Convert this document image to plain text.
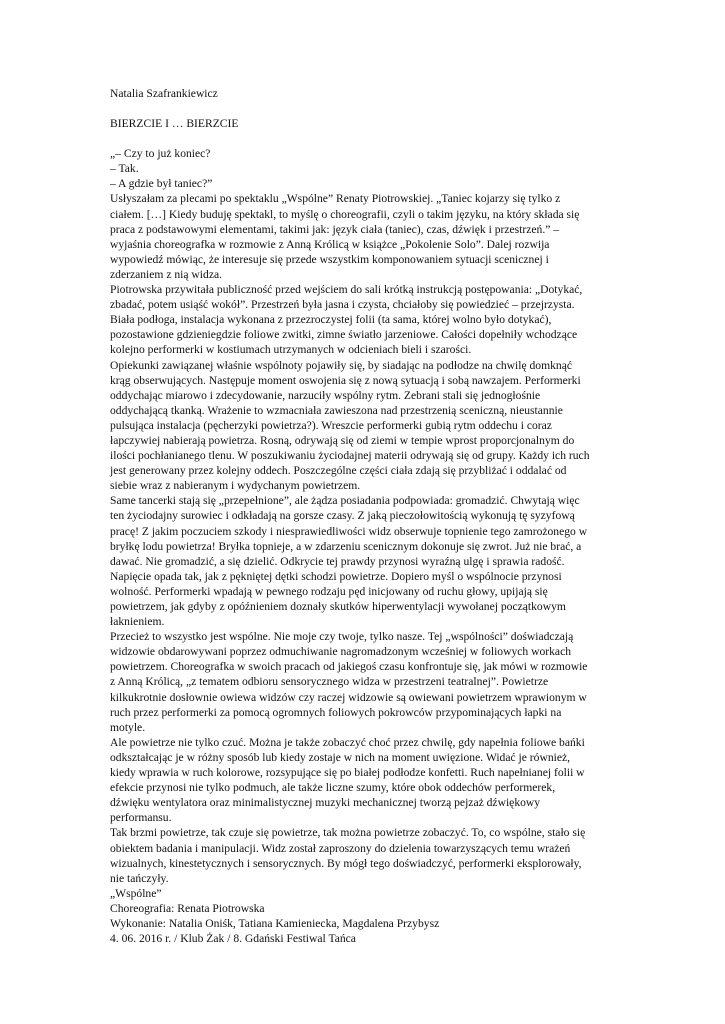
Natalia Szafrankiewicz
BIERZCIE I … BIERZCIE
„– Czy to już koniec?
– Tak.
– A gdzie był taniec?”
Usłyszałam za plecami po spektaklu „Wspólne” Renaty Piotrowskiej. „Taniec kojarzy się tylko z
ciałem. […] Kiedy buduję spektakl, to myślę o choreografii, czyli o takim języku, na który składa się
praca z podstawowymi elementami, takimi jak: język ciała (taniec), czas, dźwięk i przestrzeń.” –
wyjaśnia choreografka w rozmowie z Anną Królicą w książce „Pokolenie Solo”. Dalej rozwija
wypowiedź mówiąc, że interesuje się przede wszystkim komponowaniem sytuacji scenicznej i
zderzaniem z nią widza.
Piotrowska przywitała publiczność przed wejściem do sali krótką instrukcją postępowania: „Dotykać,
zbadać, potem usiąść wokół”. Przestrzeń była jasna i czysta, chciałoby się powiedzieć – przejrzysta.
Biała podłoga, instalacja wykonana z przezroczystej folii (ta sama, której wolno było dotykać),
pozostawione gdzieniegdzie foliowe zwitki, zimne światło jarzeniowe. Całości dopełniły wchodzące
kolejno performerki w kostiumach utrzymanych w odcieniach bieli i szarości.
Opiekunki zawiązanej właśnie wspólnoty pojawiły się, by siadając na podłodze na chwilę domknąć
krąg obserwujących. Następuje moment oswojenia się z nową sytuacją i sobą nawzajem. Performerki
oddychając miarowo i zdecydowanie, narzuciły wspólny rytm. Zebrani stali się jednogłośnie
oddychającą tkanką. Wrażenie to wzmacniała zawieszona nad przestrzenią sceniczną, nieustannie
pulsująca instalacja (pęcherzyki powietrza?). Wreszcie performerki gubią rytm oddechu i coraz
łapczywiej nabierają powietrza. Rosną, odrywają się od ziemi w tempie wprost proporcjonalnym do
ilości pochłanianego tlenu. W poszukiwaniu życiodajnej materii odrywają się od grupy. Każdy ich ruch
jest generowany przez kolejny oddech. Poszczególne części ciała zdają się przybliżać i oddalać od
siebie wraz z nabieranym i wydychanym powietrzem.
Same tancerki stają się „przepełnione”, ale żądza posiadania podpowiada: gromadzić. Chwytają więc
ten życiodajny surowiec i odkładają na gorsze czasy. Z jaką pieczołowitością wykonują tę syzyfową
pracę! Z jakim poczuciem szkody i niesprawiedliwości widz obserwuje topnienie tego zamrożonego w
bryłkę lodu powietrza! Bryłka topnieje, a w zdarzeniu scenicznym dokonuje się zwrot. Już nie brać, a
dawać. Nie gromadzić, a się dzielić. Odkrycie tej prawdy przynosi wyraźną ulgę i sprawia radość.
Napięcie opada tak, jak z pękniętej dętki schodzi powietrze. Dopiero myśl o wspólnocie przynosi
wolność. Performerki wpadają w pewnego rodzaju pęd inicjowany od ruchu głowy, upijają się
powietrzem, jak gdyby z opóźnieniem doznały skutków hiperwentylacji wywołanej początkowym
łaknieniem.
Przecież to wszystko jest wspólne. Nie moje czy twoje, tylko nasze. Tej „wspólności” doświadczają
widzowie obdarowywani poprzez odmuchiwanie nagromadzonym wcześniej w foliowych workach
powietrzem. Choreografka w swoich pracach od jakiegoś czasu konfrontuje się, jak mówi w rozmowie
z Anną Królicą, „z tematem odbioru sensorycznego widza w przestrzeni teatralnej”. Powietrze
kilkukrotnie dosłownie owiewa widzów czy raczej widzowie są owiewani powietrzem wprawionym w
ruch przez performerki za pomocą ogromnych foliowych pokrowców przypominających łapki na
motyle.
Ale powietrze nie tylko czuć. Można je także zobaczyć choć przez chwilę, gdy napełnia foliowe bańki
odkształcając je w różny sposób lub kiedy zostaje w nich na moment uwięzione. Widać je również,
kiedy wprawia w ruch kolorowe, rozsypujące się po białej podłodze konfetti. Ruch napełnianej folii w
efekcie przynosi nie tylko podmuch, ale także liczne szumy, które obok oddechów performerek,
dźwięku wentylatora oraz minimalistycznej muzyki mechanicznej tworzą pejzaż dźwiękowy
performansu.
Tak brzmi powietrze, tak czuje się powietrze, tak można powietrze zobaczyć. To, co wspólne, stało się
obiektem badania i manipulacji. Widz został zaproszony do dzielenia towarzyszących temu wrażeń
wizualnych, kinestetycznych i sensorycznych. By mógł tego doświadczyć, performerki eksplorowały,
nie tańczyły.
„Wspólne”
Choreografia: Renata Piotrowska
Wykonanie: Natalia Oniśk, Tatiana Kamieniecka, Magdalena Przybysz
4. 06. 2016 r. / Klub Żak / 8. Gdański Festiwal Tańca
